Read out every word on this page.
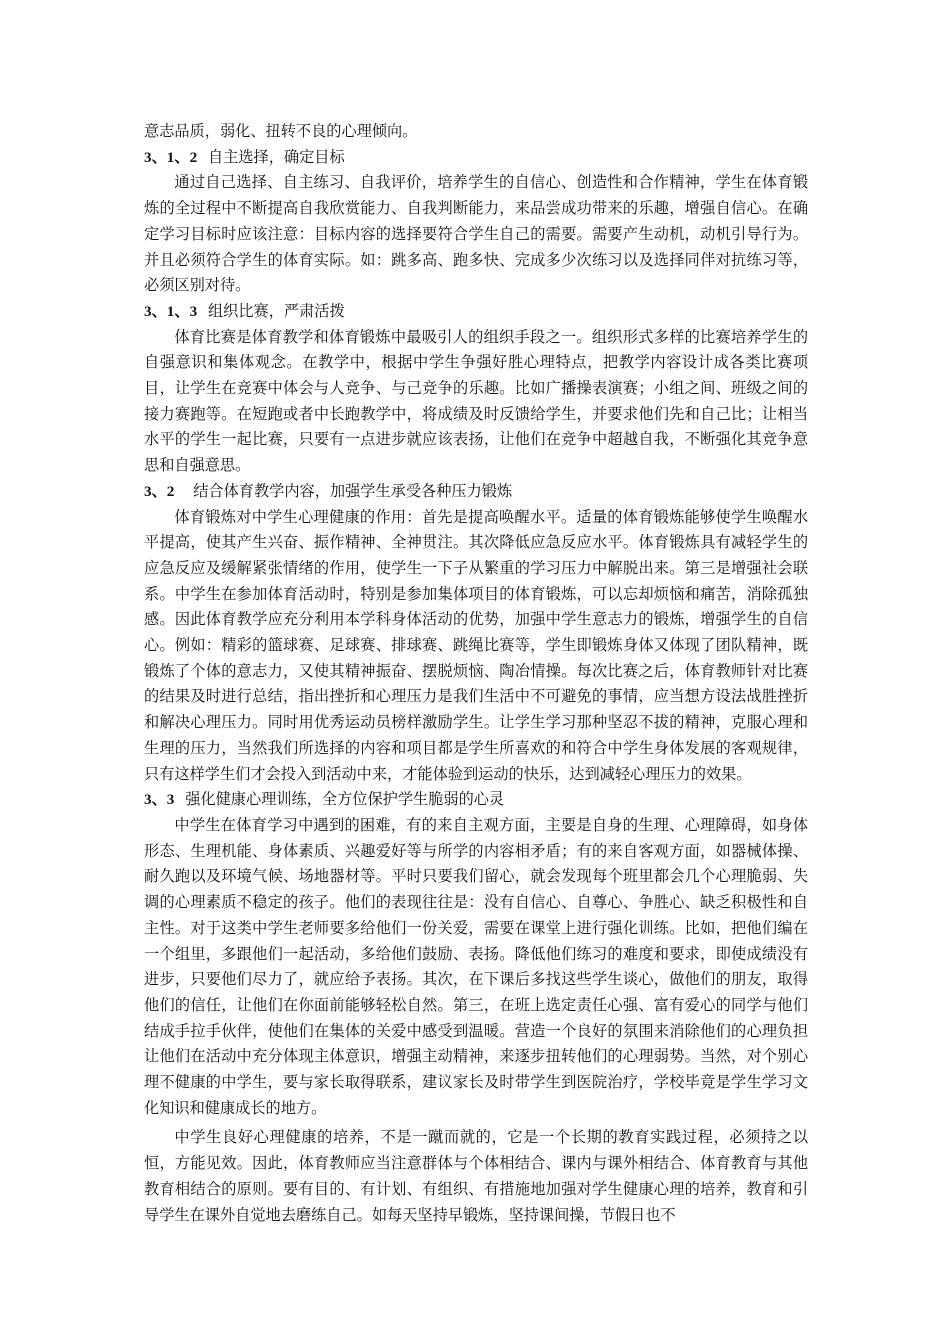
意志品质，弱化、扭转不良的心理倾向。

3、1、2 自主选择，确定目标

通过自己选择、自主练习、自我评价，培养学生的自信心、创造性和合作精神，学生在体育锻炼的全过程中不断提高自我欣赏能力、自我判断能力，来品尝成功带来的乐趣，增强自信心。在确定学习目标时应该注意：目标内容的选择要符合学生自己的需要。需要产生动机，动机引导行为。并且必须符合学生的体育实际。如：跳多高、跑多快、完成多少次练习以及选择同伴对抗练习等，必须区别对待。

3、1、3 组织比赛，严肃活拨

体育比赛是体育教学和体育锻炼中最吸引人的组织手段之一。组织形式多样的比赛培养学生的自强意识和集体观念。在教学中，根据中学生争强好胜心理特点，把教学内容设计成各类比赛项目，让学生在竞赛中体会与人竞争、与己竞争的乐趣。比如广播操表演赛；小组之间、班级之间的接力赛跑等。在短跑或者中长跑教学中，将成绩及时反馈给学生，并要求他们先和自己比；让相当水平的学生一起比赛，只要有一点进步就应该表扬，让他们在竞争中超越自我，不断强化其竞争意思和自强意思。

3、2 结合体育教学内容，加强学生承受各种压力锻炼

体育锻炼对中学生心理健康的作用：首先是提高唤醒水平。适量的体育锻炼能够使学生唤醒水平提高，使其产生兴奋、振作精神、全神贯注。其次降低应急反应水平。体育锻炼具有减轻学生的应急反应及缓解紧张情绪的作用，使学生一下子从繁重的学习压力中解脱出来。第三是增强社会联系。中学生在参加体育活动时，特别是参加集体项目的体育锻炼，可以忘却烦恼和痛苦，消除孤独感。因此体育教学应充分利用本学科身体活动的优势，加强中学生意志力的锻炼，增强学生的自信心。例如：精彩的篮球赛、足球赛、排球赛、跳绳比赛等，学生即锻炼身体又体现了团队精神，既锻炼了个体的意志力，又使其精神振奋、摆脱烦恼、陶冶情操。每次比赛之后，体育教师针对比赛的结果及时进行总结，指出挫折和心理压力是我们生活中不可避免的事情，应当想方设法战胜挫折和解决心理压力。同时用优秀运动员榜样激励学生。让学生学习那种坚忍不拔的精神，克服心理和生理的压力，当然我们所选择的内容和项目都是学生所喜欢的和符合中学生身体发展的客观规律，只有这样学生们才会投入到活动中来，才能体验到运动的快乐，达到减轻心理压力的效果。

3、3 强化健康心理训练，全方位保护学生脆弱的心灵

中学生在体育学习中遇到的困难，有的来自主观方面，主要是自身的生理、心理障碍，如身体形态、生理机能、身体素质、兴趣爱好等与所学的内容相矛盾；有的来自客观方面，如器械体操、耐久跑以及环境气候、场地器材等。平时只要我们留心，就会发现每个班里都会几个心理脆弱、失调的心理素质不稳定的孩子。他们的表现往往是：没有自信心、自尊心、争胜心、缺乏积极性和自主性。对于这类中学生老师要多给他们一份关爱，需要在课堂上进行强化训练。比如，把他们编在一个组里，多跟他们一起活动，多给他们鼓励、表扬。降低他们练习的难度和要求，即使成绩没有进步，只要他们尽力了，就应给予表扬。其次，在下课后多找这些学生谈心，做他们的朋友，取得他们的信任，让他们在你面前能够轻松自然。第三，在班上选定责任心强、富有爱心的同学与他们结成手拉手伙伴，使他们在集体的关爱中感受到温暖。营造一个良好的氛围来消除他们的心理负担让他们在活动中充分体现主体意识，增强主动精神，来逐步扭转他们的心理弱势。当然，对个别心理不健康的中学生，要与家长取得联系，建议家长及时带学生到医院治疗，学校毕竟是学生学习文化知识和健康成长的地方。

中学生良好心理健康的培养，不是一蹴而就的，它是一个长期的教育实践过程，必须持之以恒，方能见效。因此，体育教师应当注意群体与个体相结合、课内与课外相结合、体育教育与其他教育相结合的原则。要有目的、有计划、有组织、有措施地加强对学生健康心理的培养，教育和引导学生在课外自觉地去磨练自己。如每天坚持早锻炼，坚持课间操，节假日也不
